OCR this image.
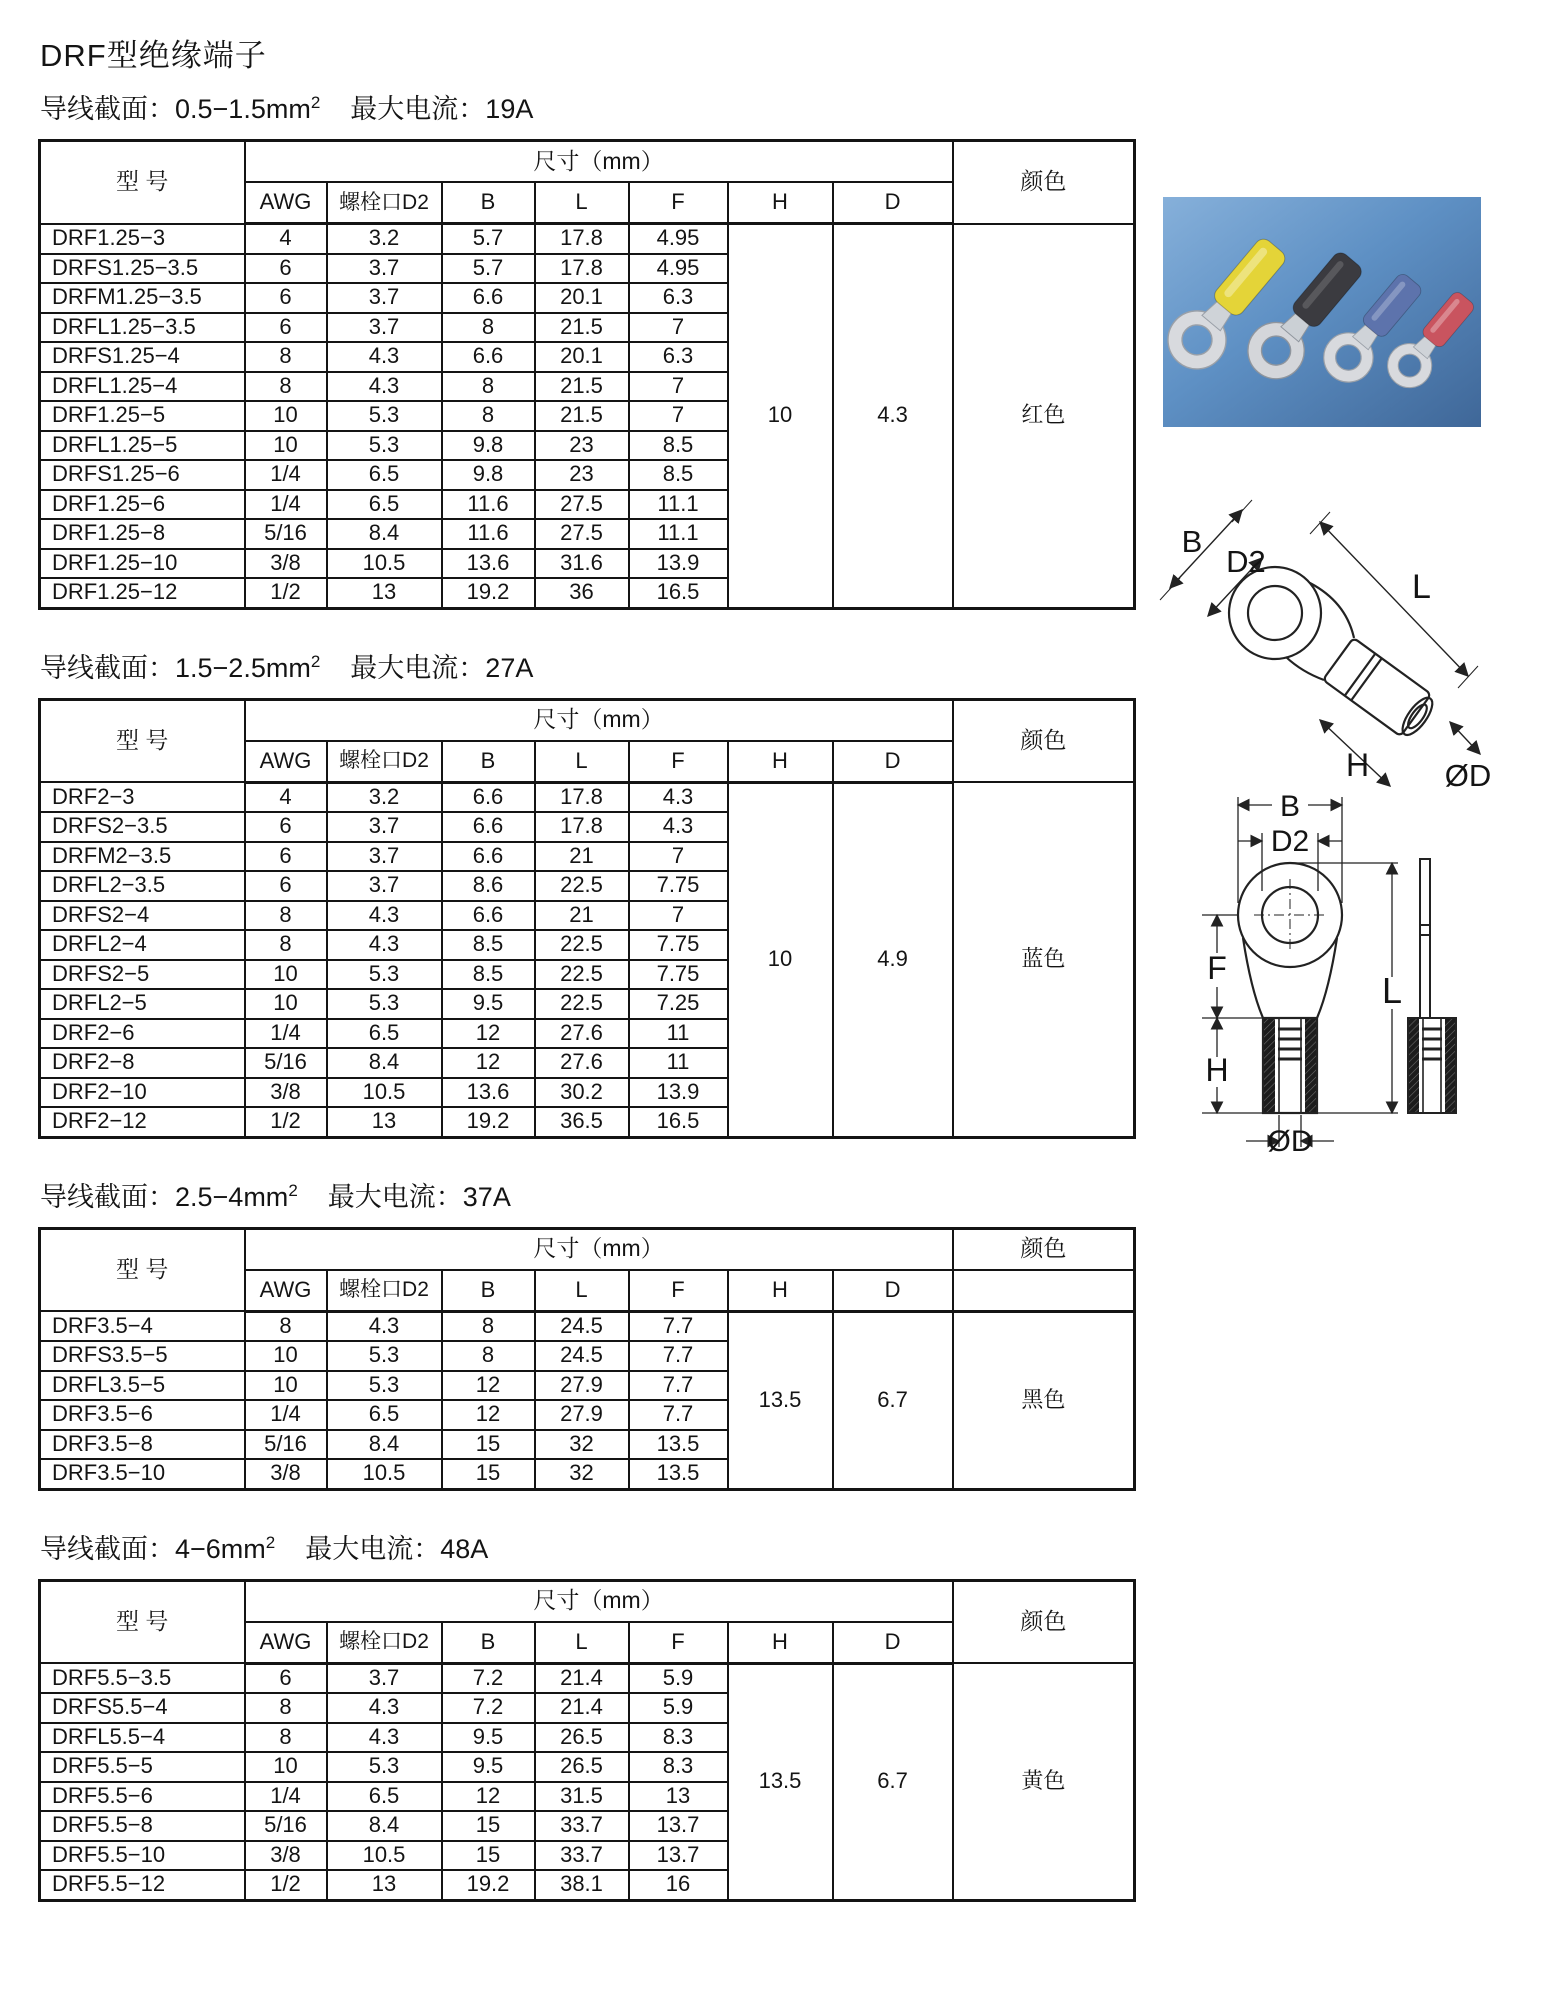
DRF型绝缘端子
导线截面：$0.5-1.5mm^2$ 最大电流：19A
型 号	尺寸（mm）							颜色
	AWG	螺栓口D2	B	L	F	H	D	
DRF1.25−3	4	3.2	5.7	17.8	4.95	10	4.3	红色
DRFS1.25−3.5	6	3.7	5.7	17.8	4.95			
DRFM1.25−3.5	6	3.7	6.6	20.1	6.3			
DRFL1.25−3.5	6	3.7	8	21.5	7			
DRFS1.25−4	8	4.3	6.6	20.1	6.3			
DRFL1.25−4	8	4.3	8	21.5	7			
DRF1.25−5	10	5.3	8	21.5	7			
DRFL1.25−5	10	5.3	9.8	23	8.5			
DRFS1.25−6	1/4	6.5	9.8	23	8.5			
DRF1.25−6	1/4	6.5	11.6	27.5	11.1			
DRF1.25−8	5/16	8.4	11.6	27.5	11.1			
DRF1.25−10	3/8	10.5	13.6	31.6	13.9			
DRF1.25−12	1/2	13	19.2	36	16.5			
导线截面：$1.5-2.5mm^2$ 最大电流：27A
型 号	尺寸（mm）							颜色
	AWG	螺栓口D2	B	L	F	H	D	
DRF2−3	4	3.2	6.6	17.8	4.3	10	4.9	蓝色
DRFS2−3.5	6	3.7	6.6	17.8	4.3			
DRFM2−3.5	6	3.7	6.6	21	7			
DRFL2−3.5	6	3.7	8.6	22.5	7.75			
DRFS2−4	8	4.3	6.6	21	7			
DRFL2−4	8	4.3	8.5	22.5	7.75			
DRFS2−5	10	5.3	8.5	22.5	7.75			
DRFL2−5	10	5.3	9.5	22.5	7.25			
DRF2−6	1/4	6.5	12	27.6	11			
DRF2−8	5/16	8.4	12	27.6	11			
DRF2−10	3/8	10.5	13.6	30.2	13.9			
DRF2−12	1/2	13	19.2	36.5	16.5			
导线截面：$2.5-4mm^2$ 最大电流：37A
型 号	尺寸（mm）							颜色
	AWG	螺栓口D2	B	L	F	H	D	
DRF3.5−4	8	4.3	8	24.5	7.7	13.5	6.7	黑色
DRFS3.5−5	10	5.3	8	24.5	7.7			
DRFL3.5−5	10	5.3	12	27.9	7.7			
DRF3.5−6	1/4	6.5	12	27.9	7.7			
DRF3.5−8	5/16	8.4	15	32	13.5			
DRF3.5−10	3/8	10.5	15	32	13.5			
导线截面：$4-6mm^2$ 最大电流：48A
型 号	尺寸（mm）							颜色
	AWG	螺栓口D2	B	L	F	H	D	
DRF5.5−3.5	6	3.7	7.2	21.4	5.9	13.5	6.7	黄色
DRFS5.5−4	8	4.3	7.2	21.4	5.9			
DRFL5.5−4	8	4.3	9.5	26.5	8.3			
DRF5.5−5	10	5.3	9.5	26.5	8.3			
DRF5.5−6	1/4	6.5	12	31.5	13			
DRF5.5−8	5/16	8.4	15	33.7	13.7			
DRF5.5−10	3/8	10.5	15	33.7	13.7			
DRF5.5−12	1/2	13	19.2	38.1	16			
B
D2
L
H ØD
B
D2
F
H
L
ØD
